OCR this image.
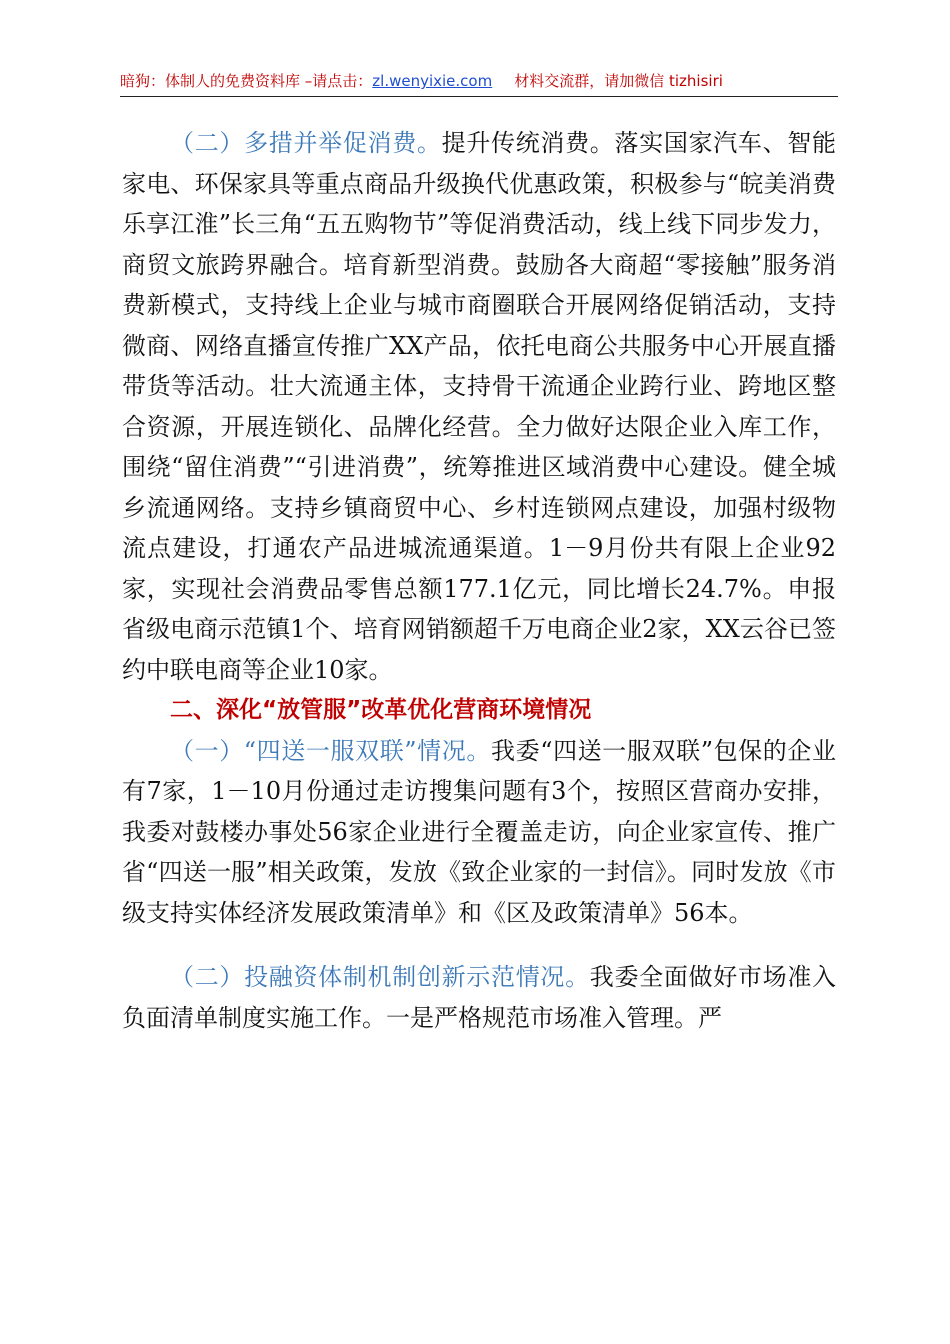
暗狗：体制人的免费资料库 –请点击：zl.wenyixie.com 材料交流群，请加微信 tizhisiri

（二）多措并举促消费。提升传统消费。落实国家汽车、智能家电、环保家具等重点商品升级换代优惠政策，积极参与“皖美消费乐享江淮”长三角“五五购物节”等促消费活动，线上线下同步发力，商贸文旅跨界融合。培育新型消费。鼓励各大商超“零接触”服务消费新模式，支持线上企业与城市商圈联合开展网络促销活动，支持微商、网络直播宣传推广XX产品，依托电商公共服务中心开展直播带货等活动。壮大流通主体，支持骨干流通企业跨行业、跨地区整合资源，开展连锁化、品牌化经营。全力做好达限企业入库工作，围绕“留住消费”“引进消费”，统筹推进区域消费中心建设。健全城乡流通网络。支持乡镇商贸中心、乡村连锁网点建设，加强村级物流点建设，打通农产品进城流通渠道。1－9月份共有限上企业92家，实现社会消费品零售总额177.1亿元，同比增长24.7%。申报省级电商示范镇1个、培育网销额超千万电商企业2家，XX云谷已签约中联电商等企业10家。

二、深化“放管服”改革优化营商环境情况

（一）“四送一服双联”情况。我委“四送一服双联”包保的企业有7家，1－10月份通过走访搜集问题有3个，按照区营商办安排，我委对鼓楼办事处56家企业进行全覆盖走访，向企业家宣传、推广省“四送一服”相关政策，发放《致企业家的一封信》。同时发放《市级支持实体经济发展政策清单》和《区及政策清单》56本。

（二）投融资体制机制创新示范情况。我委全面做好市场准入负面清单制度实施工作。一是严格规范市场准入管理。严
